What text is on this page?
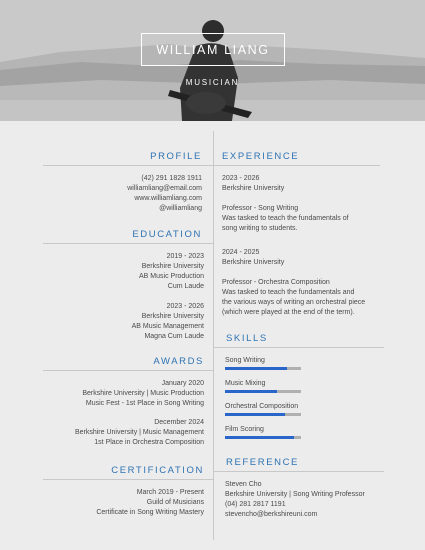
WILLIAM LIANG
MUSICIAN
PROFILE
(42) 291 1828 1911
williamliang@email.com
www.williamliang.com
@williamliang
EDUCATION
2019 - 2023
Berkshire University
AB Music Production
Cum Laude
2023 - 2026
Berkshire University
AB Music Management
Magna Cum Laude
AWARDS
January 2020
Berkshire University | Music Production
Music Fest - 1st Place in Song Writing
December 2024
Berkshire University | Music Management
1st Place in Orchestra Composition
CERTIFICATION
March 2019 - Present
Guild of Musicians
Certificate in Song Writing Mastery
EXPERIENCE
2023 - 2026
Berkshire University

Professor - Song Writing
Was tasked to teach the fundamentals of
song writing to students.
2024 - 2025
Berkshire University

Professor - Orchestra Composition
Was tasked to teach the fundamentals and
the various ways of writing an orchestral piece
(which were played at the end of the term).
SKILLS
Song Writing
Music Mixing
Orchestral Composition
Film Scoring
REFERENCE
Steven Cho
Berkshire University | Song Writing Professor
(04) 281 2817 1191
stevencho@berkshireuni.com
